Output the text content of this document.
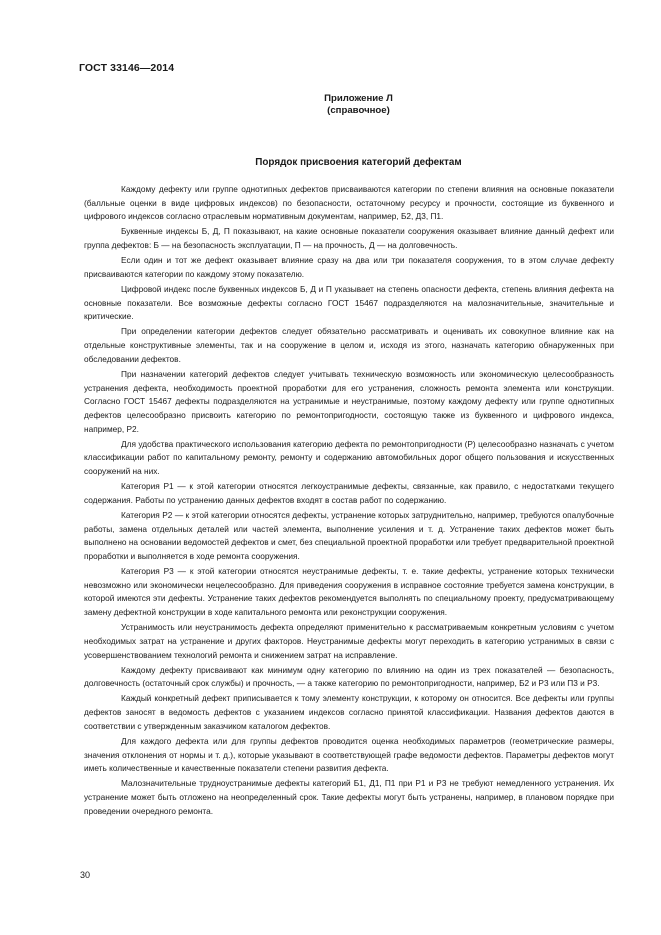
ГОСТ 33146—2014
Приложение Л
(справочное)
Порядок присвоения категорий дефектам

Каждому дефекту или группе однотипных дефектов присваиваются категории по степени влияния на основные показатели (балльные оценки в виде цифровых индексов) по безопасности, остаточному ресурсу и прочности, состоящие из буквенного и цифрового индексов согласно отраслевым нормативным документам, например, Б2, Д3, П1.

Буквенные индексы Б, Д, П показывают, на какие основные показатели сооружения оказывает влияние данный дефект или группа дефектов: Б — на безопасность эксплуатации, П — на прочность, Д — на долговечность.

Если один и тот же дефект оказывает влияние сразу на два или три показателя сооружения, то в этом случае дефекту присваиваются категории по каждому этому показателю.

Цифровой индекс после буквенных индексов Б, Д и П указывает на степень опасности дефекта, степень влияния дефекта на основные показатели. Все возможные дефекты согласно ГОСТ 15467 подразделяются на малозначительные, значительные и критические.

При определении категории дефектов следует обязательно рассматривать и оценивать их совокупное влияние как на отдельные конструктивные элементы, так и на сооружение в целом и, исходя из этого, назначать категорию обнаруженных при обследовании дефектов.

При назначении категорий дефектов следует учитывать техническую возможность или экономическую целесообразность устранения дефекта, необходимость проектной проработки для его устранения, сложность ремонта элемента или конструкции. Согласно ГОСТ 15467 дефекты подразделяются на устранимые и неустранимые, поэтому каждому дефекту или группе однотипных дефектов целесообразно присвоить категорию по ремонтопригодности, состоящую также из буквенного и цифрового индекса, например, Р2.

Для удобства практического использования категорию дефекта по ремонтопригодности (Р) целесообразно назначать с учетом классификации работ по капитальному ремонту, ремонту и содержанию автомобильных дорог общего пользования и искусственных сооружений на них.

Категория Р1 — к этой категории относятся легкоустранимые дефекты, связанные, как правило, с недостатками текущего содержания. Работы по устранению данных дефектов входят в состав работ по содержанию.

Категория Р2 — к этой категории относятся дефекты, устранение которых затруднительно, например, требуются опалубочные работы, замена отдельных деталей или частей элемента, выполнение усиления и т. д. Устранение таких дефектов может быть выполнено на основании ведомостей дефектов и смет, без специальной проектной проработки или требует предварительной проектной проработки и выполняется в ходе ремонта сооружения.

Категория Р3 — к этой категории относятся неустранимые дефекты, т. е. такие дефекты, устранение которых технически невозможно или экономически нецелесообразно. Для приведения сооружения в исправное состояние требуется замена конструкции, в которой имеются эти дефекты. Устранение таких дефектов рекомендуется выполнять по специальному проекту, предусматривающему замену дефектной конструкции в ходе капитального ремонта или реконструкции сооружения.

Устранимость или неустранимость дефекта определяют применительно к рассматриваемым конкретным условиям с учетом необходимых затрат на устранение и других факторов. Неустранимые дефекты могут переходить в категорию устранимых в связи с усовершенствованием технологий ремонта и снижением затрат на исправление.

Каждому дефекту присваивают как минимум одну категорию по влиянию на один из трех показателей — безопасность, долговечность (остаточный срок службы) и прочность, — а также категорию по ремонтопригодности, например, Б2 и Р3 или П3 и Р3.

Каждый конкретный дефект приписывается к тому элементу конструкции, к которому он относится. Все дефекты или группы дефектов заносят в ведомость дефектов с указанием индексов согласно принятой классификации. Названия дефектов даются в соответствии с утвержденным заказчиком каталогом дефектов.

Для каждого дефекта или для группы дефектов проводится оценка необходимых параметров (геометрические размеры, значения отклонения от нормы и т. д.), которые указывают в соответствующей графе ведомости дефектов. Параметры дефектов могут иметь количественные и качественные показатели степени развития дефекта.

Малозначительные трудноустранимые дефекты категорий Б1, Д1, П1 при Р1 и Р3 не требуют немедленного устранения. Их устранение может быть отложено на неопределенный срок. Такие дефекты могут быть устранены, например, в плановом порядке при проведении очередного ремонта.

30
